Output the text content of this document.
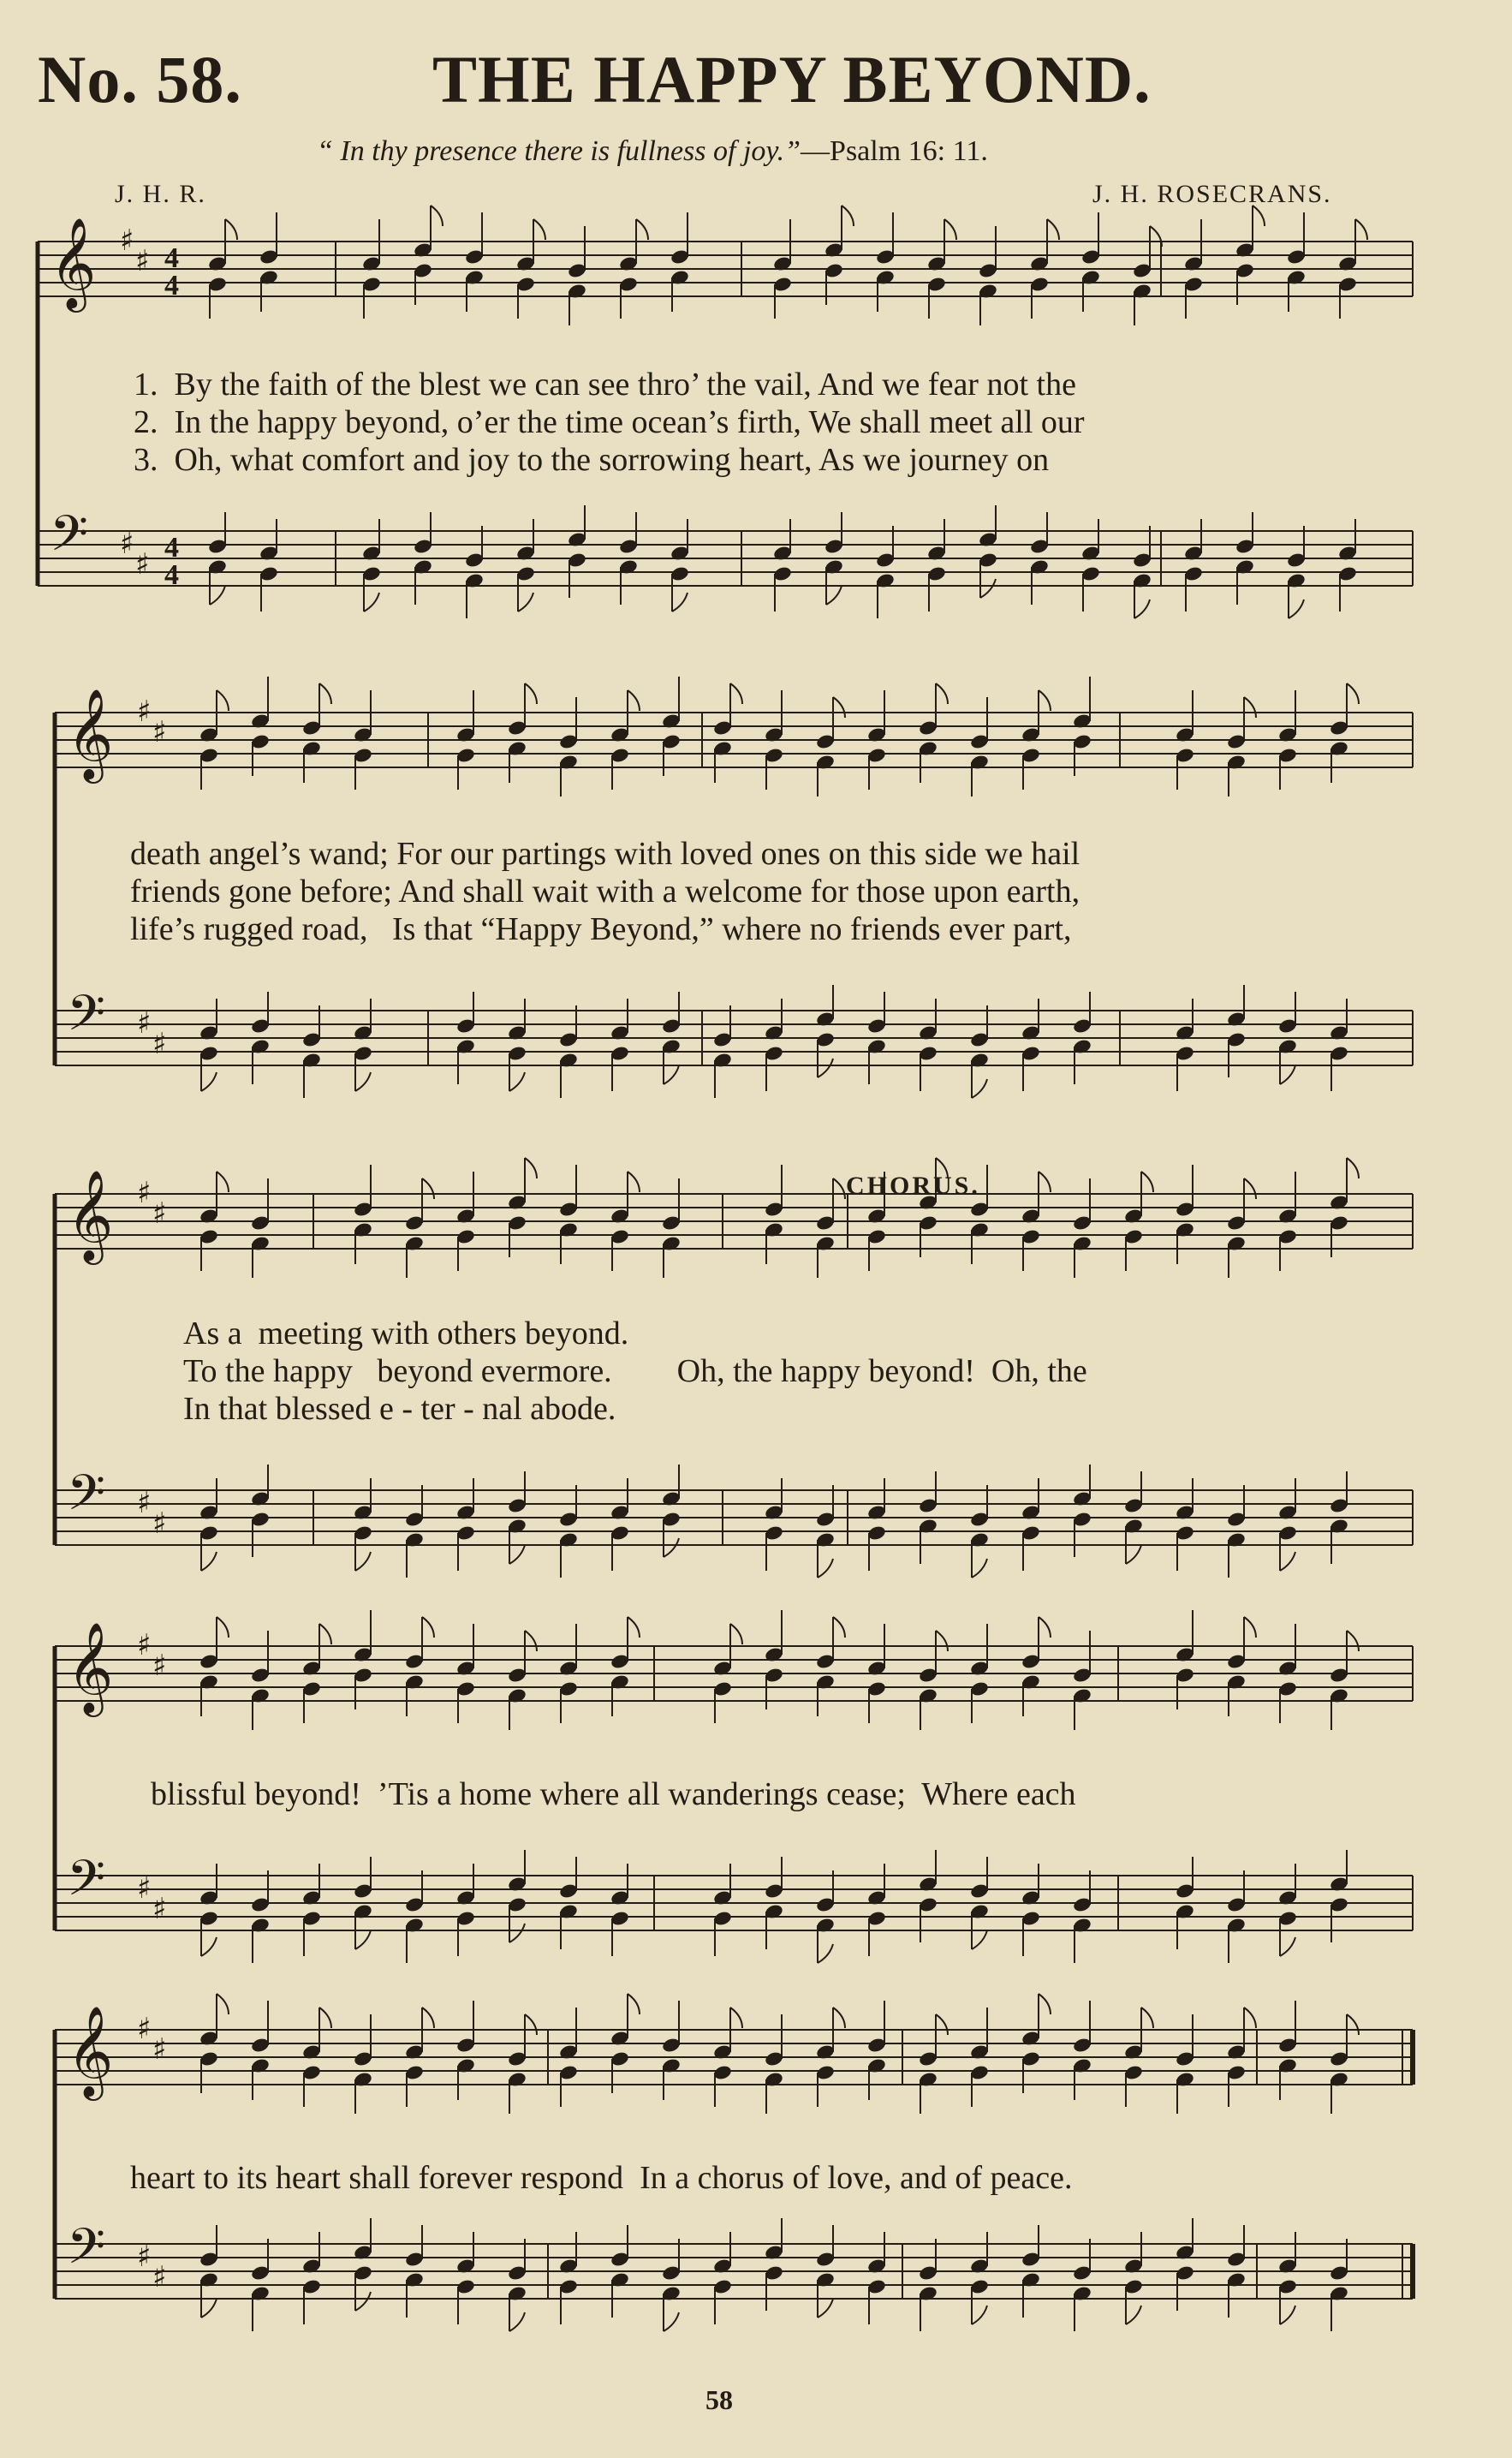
No. 58.	THE HAPPY BEYOND.
“ In thy presence there is fullness of joy.”—Psalm 16: 11.
J. H. R.	J. H. ROSECRANS.
𝄞 ♯
♯ 4
4
𝄢 ♯
♯ 4
4
𝄞 ♯
♯
𝄢 ♯
♯
𝄞 ♯
♯
𝄢 ♯
♯
𝄞 ♯
♯
𝄢 ♯
♯
𝄞 ♯
♯
𝄢 ♯
♯
1.  By the faith of the blest we can see thro’ the vail, And we fear not the
2.  In the happy beyond, o’er the time ocean’s firth, We shall meet all our
3.  Oh, what comfort and joy to the sorrowing heart, As we journey on
death angel’s wand; For our partings with loved ones on this side we hail
friends gone before; And shall wait with a welcome for those upon earth,
life’s rugged road,   Is that “Happy Beyond,” where no friends ever part,
CHORUS.
As a  meeting with others beyond.
To the happy   beyond evermore.        Oh, the happy beyond!  Oh, the
In that blessed e - ter - nal abode.
blissful beyond!  ’Tis a home where all wanderings cease;  Where each
heart to its heart shall forever respond  In a chorus of love, and of peace.
58
